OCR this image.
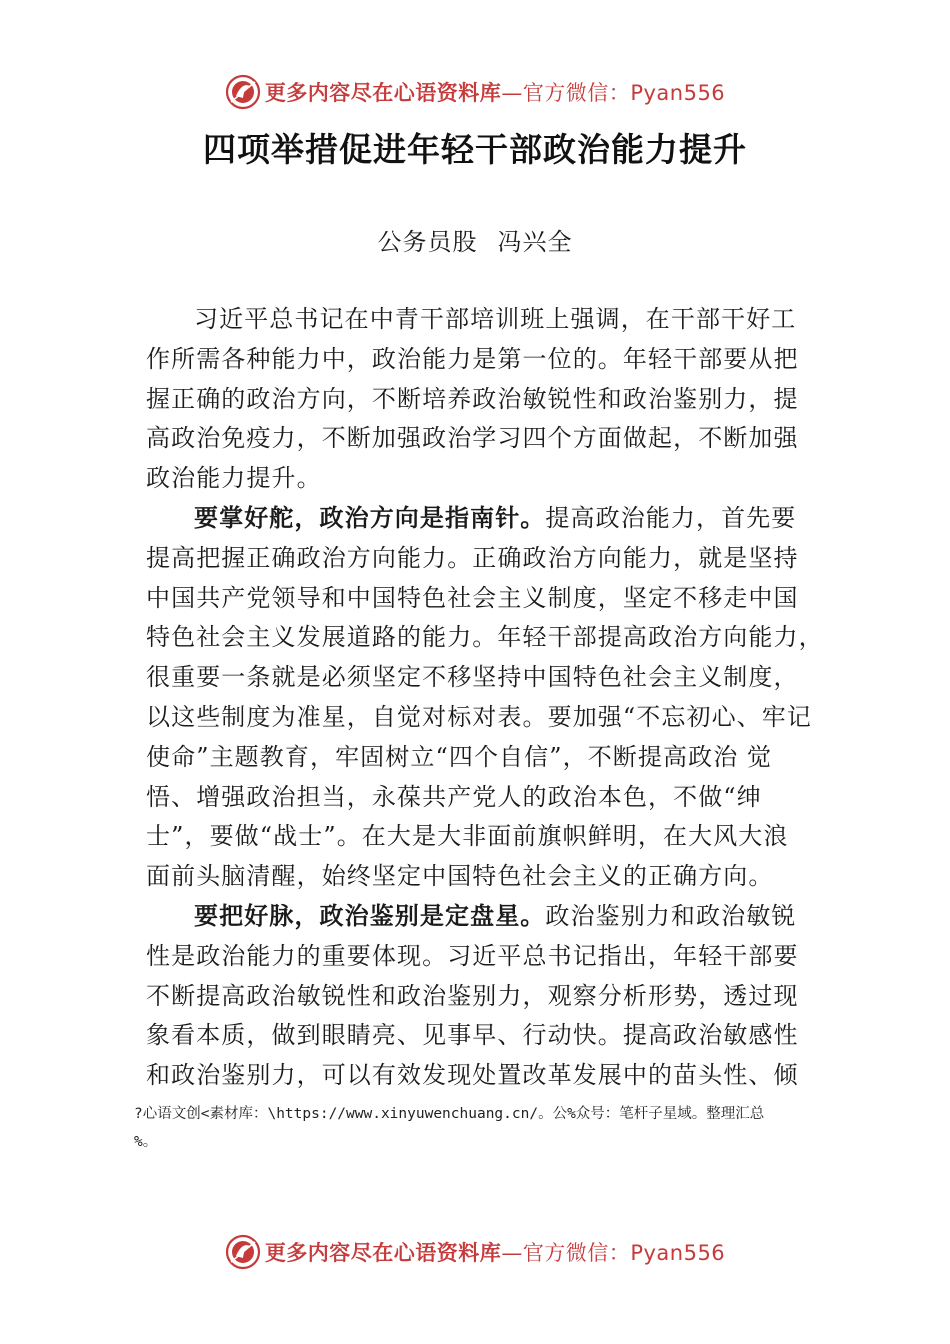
更多内容尽在心语资料库—官方微信：Pyan556
四项举措促进年轻干部政治能力提升
公务员股 冯兴全
习近平总书记在中青干部培训班上强调，在干部干好工
作所需各种能力中，政治能力是第一位的。年轻干部要从把
握正确的政治方向，不断培养政治敏锐性和政治鉴别力，提
高政治免疫力，不断加强政治学习四个方面做起，不断加强
政治能力提升。
要掌好舵，政治方向是指南针。提高政治能力，首先要
提高把握正确政治方向能力。正确政治方向能力，就是坚持
中国共产党领导和中国特色社会主义制度，坚定不移走中国
特色社会主义发展道路的能力。年轻干部提高政治方向能力，
很重要一条就是必须坚定不移坚持中国特色社会主义制度，
以这些制度为准星，自觉对标对表。要加强“不忘初心、牢记
使命”主题教育，牢固树立“四个自信”，不断提高政治 觉
悟、增强政治担当，永葆共产党人的政治本色，不做“绅
士”，要做“战士”。在大是大非面前旗帜鲜明，在大风大浪
面前头脑清醒，始终坚定中国特色社会主义的正确方向。
要把好脉，政治鉴别是定盘星。政治鉴别力和政治敏锐
性是政治能力的重要体现。习近平总书记指出，年轻干部要
不断提高政治敏锐性和政治鉴别力，观察分析形势，透过现
象看本质，做到眼睛亮、见事早、行动快。提高政治敏感性
和政治鉴别力，可以有效发现处置改革发展中的苗头性、倾
?心语文创<素材库：\https://www.xinyuwenchuang.cn/。公%众号：笔杆子星域。整理汇总
%。
更多内容尽在心语资料库—官方微信：Pyan556
